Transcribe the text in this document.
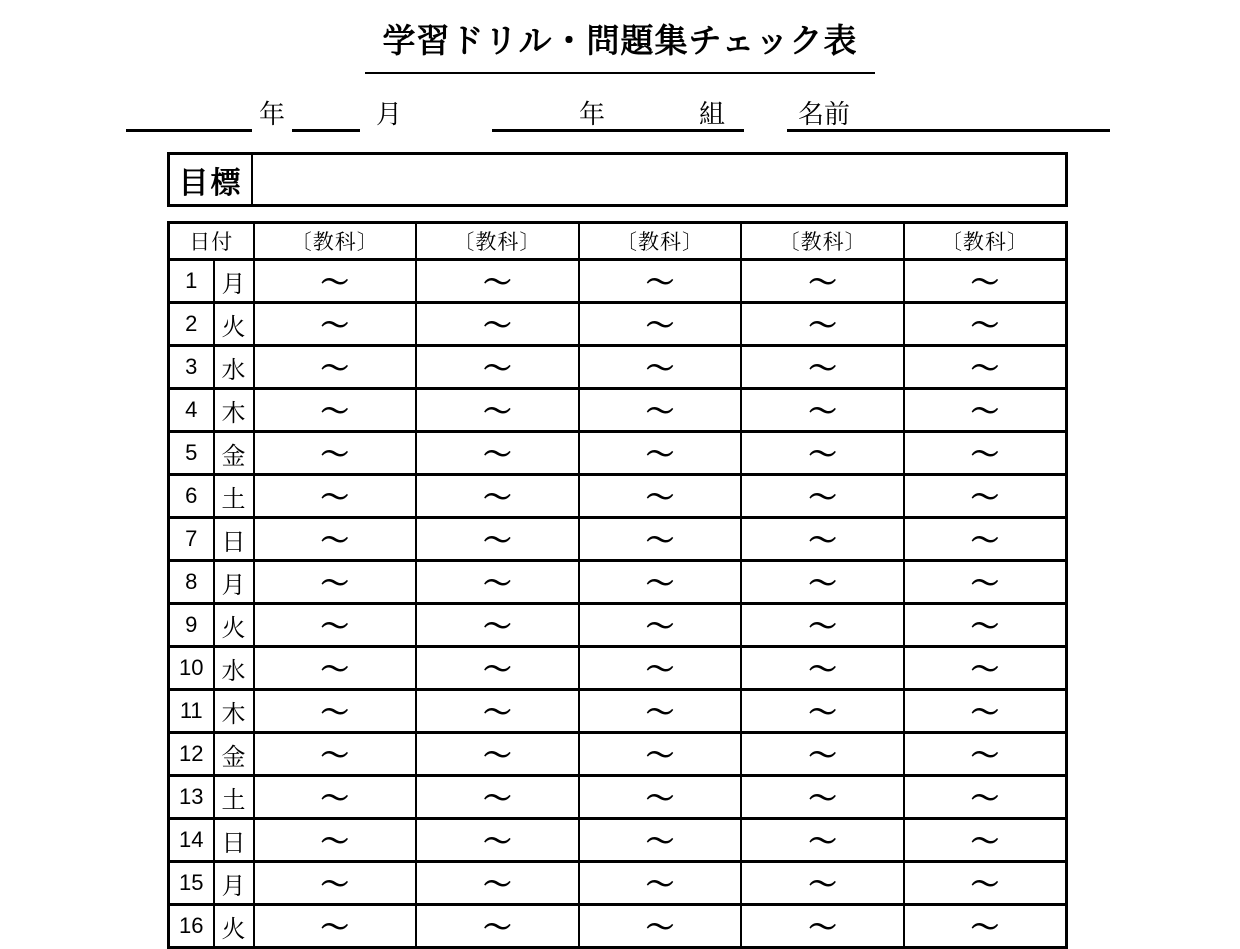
学習ドリル・問題集チェック表
年	月	年	組	名前
目標
日付		〔教科〕	〔教科〕	〔教科〕	〔教科〕	〔教科〕
1	月	～	～	～	～	～
2	火	～	～	～	～	～
3	水	～	～	～	～	～
4	木	～	～	～	～	～
5	金	～	～	～	～	～
6	土	～	～	～	～	～
7	日	～	～	～	～	～
8	月	～	～	～	～	～
9	火	～	～	～	～	～
10	水	～	～	～	～	～
11	木	～	～	～	～	～
12	金	～	～	～	～	～
13	土	～	～	～	～	～
14	日	～	～	～	～	～
15	月	～	～	～	～	～
16	火	～	～	～	～	～
